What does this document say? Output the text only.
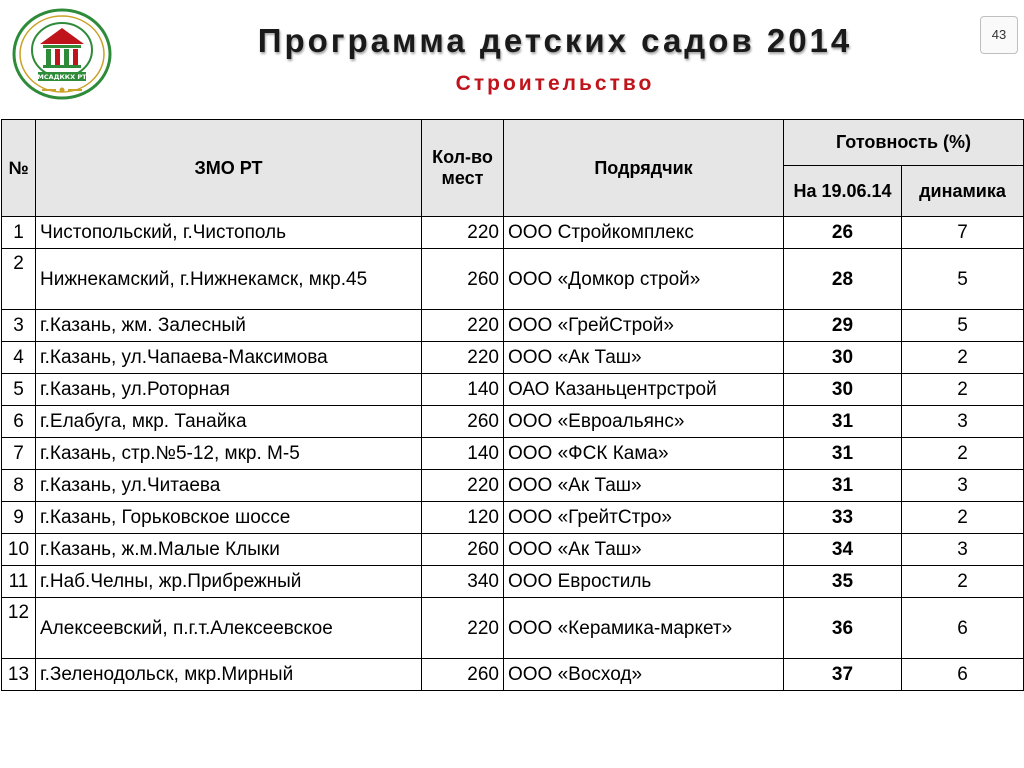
МСАДККХ РТ
Программа детских садов 2014
Строительство
43
№	ЗМО РТ	Кол-во мест	Подрядчик	Готовность (%)	
				На 19.06.14	динамика
1	Чистопольский, г.Чистополь	220	ООО Стройкомплекс	26	7
2	Нижнекамский, г.Нижнекамск, мкр.45	260	ООО «Домкор строй»	28	5
3	г.Казань, жм. Залесный	220	ООО «ГрейСтрой»	29	5
4	г.Казань, ул.Чапаева-Максимова	220	ООО «Ак Таш»	30	2
5	г.Казань, ул.Роторная	140	ОАО Казаньцентрстрой	30	2
6	г.Елабуга, мкр. Танайка	260	ООО «Евроальянс»	31	3
7	г.Казань, стр.№5-12, мкр. М-5	140	ООО «ФСК Кама»	31	2
8	г.Казань, ул.Читаева	220	ООО «Ак Таш»	31	3
9	г.Казань, Горьковское шоссе	120	ООО «ГрейтСтро»	33	2
10	г.Казань, ж.м.Малые Клыки	260	ООО «Ак Таш»	34	3
11	г.Наб.Челны, жр.Прибрежный	340	ООО Евростиль	35	2
12	Алексеевский, п.г.т.Алексеевское	220	ООО «Керамика-маркет»	36	6
13	г.Зеленодольск, мкр.Мирный	260	ООО «Восход»	37	6
